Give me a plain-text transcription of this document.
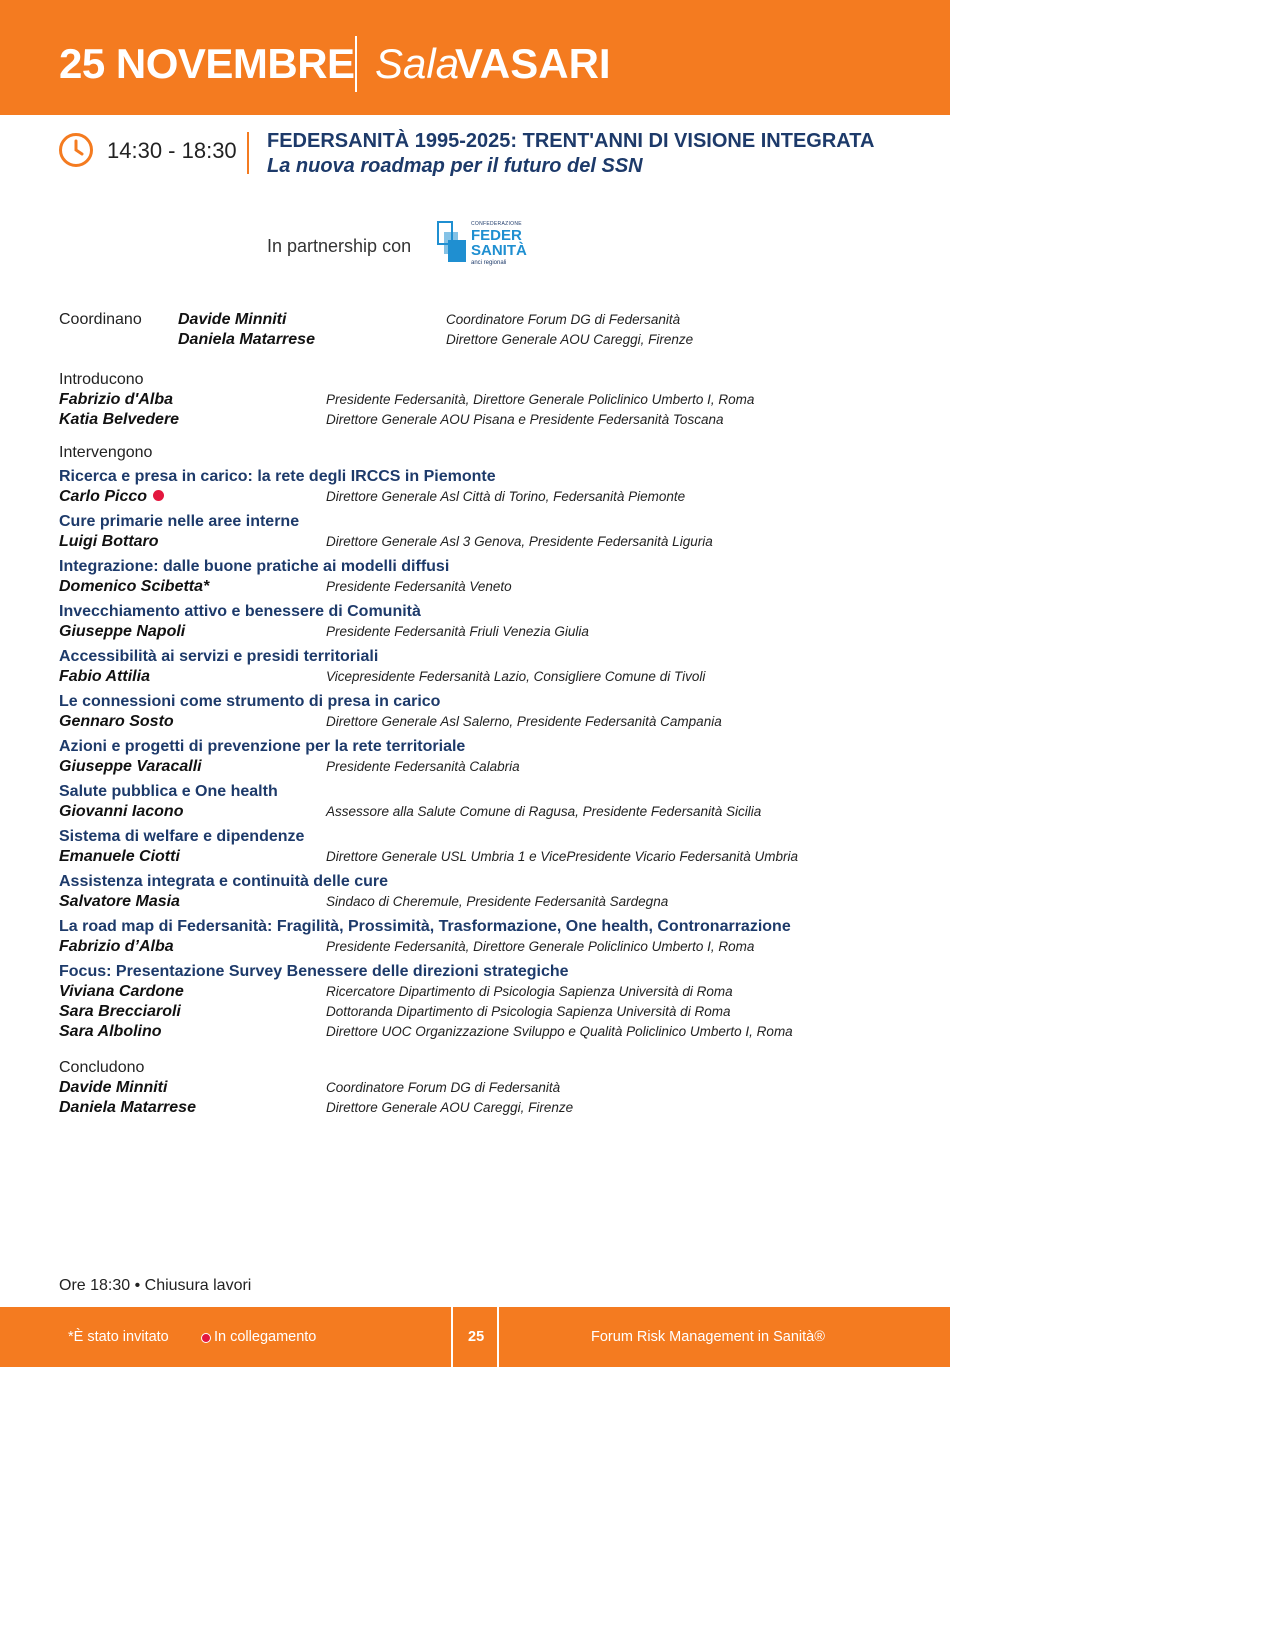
25 NOVEMBRE Sala
VASARI
14:30 - 18:30 FEDERSANITÀ 1995-2025: TRENT'ANNI DI VISIONE INTEGRATA
La nuova roadmap per il futuro del SSN
In partnership con
CONFEDERAZIONE
FEDER
SANITÀ
anci regionali
Coordinano Davide Minniti	Coordinatore Forum DG di Federsanità
Daniela Matarrese	Direttore Generale AOU Careggi, Firenze
Introducono
Fabrizio d'Alba	Presidente Federsanità, Direttore Generale Policlinico Umberto I, Roma
Katia Belvedere	Direttore Generale AOU Pisana e Presidente Federsanità Toscana
Intervengono
Ricerca e presa in carico: la rete degli IRCCS in Piemonte
Carlo Picco	Direttore Generale Asl Città di Torino, Federsanità Piemonte
Cure primarie nelle aree interne
Luigi Bottaro	Direttore Generale Asl 3 Genova, Presidente Federsanità Liguria
Integrazione: dalle buone pratiche ai modelli diffusi
Domenico Scibetta*	Presidente Federsanità Veneto
Invecchiamento attivo e benessere di Comunità
Giuseppe Napoli	Presidente Federsanità Friuli Venezia Giulia
Accessibilità ai servizi e presidi territoriali
Fabio Attilia	Vicepresidente Federsanità Lazio, Consigliere Comune di Tivoli
Le connessioni come strumento di presa in carico
Gennaro Sosto	Direttore Generale Asl Salerno, Presidente Federsanità Campania
Azioni e progetti di prevenzione per la rete territoriale
Giuseppe Varacalli	Presidente Federsanità Calabria
Salute pubblica e One health
Giovanni Iacono	Assessore alla Salute Comune di Ragusa, Presidente Federsanità Sicilia
Sistema di welfare e dipendenze
Emanuele Ciotti	Direttore Generale USL Umbria 1 e VicePresidente Vicario Federsanità Umbria
Assistenza integrata e continuità delle cure
Salvatore Masia	Sindaco di Cheremule, Presidente Federsanità Sardegna
La road map di Federsanità: Fragilità, Prossimità, Trasformazione, One health, Contronarrazione
Fabrizio d’Alba	Presidente Federsanità, Direttore Generale Policlinico Umberto I, Roma
Focus: Presentazione Survey Benessere delle direzioni strategiche
Viviana Cardone	Ricercatore Dipartimento di Psicologia Sapienza Università di Roma
Sara Brecciaroli	Dottoranda Dipartimento di Psicologia Sapienza Università di Roma
Sara Albolino	Direttore UOC Organizzazione Sviluppo e Qualità Policlinico Umberto I, Roma
Concludono
Davide Minniti	Coordinatore Forum DG di Federsanità
Daniela Matarrese	Direttore Generale AOU Careggi, Firenze
Ore 18:30 • Chiusura lavori
*È stato invitato	In collegamento	25	Forum Risk Management in Sanità®
